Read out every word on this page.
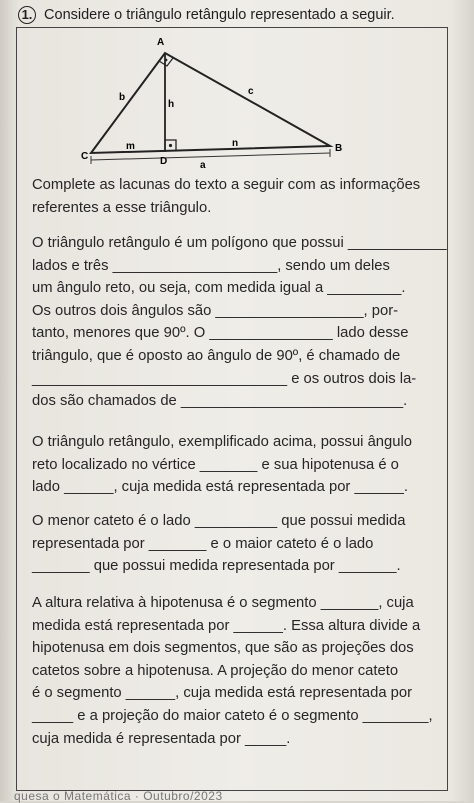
1. Considere o triângulo retângulo representado a seguir.
A
B
C	D
b
c
h
m	n
a
Complete as lacunas do texto a seguir com as informações
referentes a esse triângulo.
O triângulo retângulo é um polígono que possui ____________
lados e três ____________________, sendo um deles
um ângulo reto, ou seja, com medida igual a _________.
Os outros dois ângulos são __________________, por-
tanto, menores que 90º. O _______________ lado desse
triângulo, que é oposto ao ângulo de 90º, é chamado de
_______________________________ e os outros dois la-
dos são chamados de ___________________________.
O triângulo retângulo, exemplificado acima, possui ângulo
reto localizado no vértice _______ e sua hipotenusa é o
lado ______, cuja medida está representada por ______.
O menor cateto é o lado __________ que possui medida
representada por _______ e o maior cateto é o lado
_______ que possui medida representada por _______.
A altura relativa à hipotenusa é o segmento _______, cuja
medida está representada por ______. Essa altura divide a
hipotenusa em dois segmentos, que são as projeções dos
catetos sobre a hipotenusa. A projeção do menor cateto
é o segmento ______, cuja medida está representada por
_____ e a projeção do maior cateto é o segmento ________,
cuja medida é representada por _____.
quesa o Matemática · Outubro/2023
